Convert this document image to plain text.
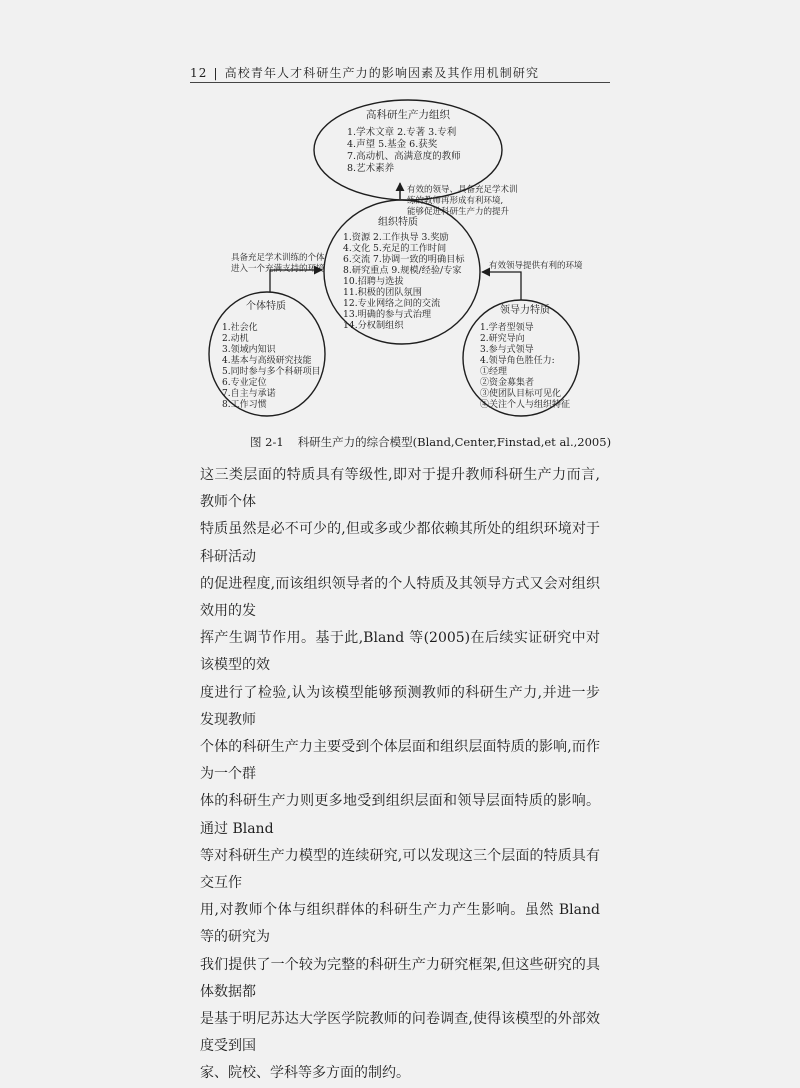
12 | 高校青年人才科研生产力的影响因素及其作用机制研究
高科研生产力组织
1.学术文章 2.专著 3.专利
4.声望 5.基金 6.获奖
7.高动机、高满意度的教师
8.艺术素养
有效的领导、具备充足学术训
练的教师再形成有利环境,
能够促进科研生产力的提升
组织特质
1.资源 2.工作执导 3.奖励
4.文化 5.充足的工作时间
6.交流 7.协调一致的明确目标
8.研究重点 9.规模/经验/专家
10.招聘与选拔
11.积极的团队氛围
12.专业网络之间的交流
13.明确的参与式治理
14.分权制组织
具备充足学术训练的个体
进入一个充满支持的环境	有效领导提供有利的环境
个体特质
1.社会化
2.动机
3.领域内知识
4.基本与高级研究技能
5.同时参与多个科研项目
6.专业定位
7.自主与承诺
8.工作习惯
领导力特质
1.学者型领导
2.研究导向
3.参与式领导
4.领导角色胜任力:
①经理
②资金募集者
③使团队目标可见化
④关注个人与组织特征
图 2-1 科研生产力的综合模型(Bland,Center,Finstad,et al.,2005)

这三类层面的特质具有等级性,即对于提升教师科研生产力而言,教师个体

特质虽然是必不可少的,但或多或少都依赖其所处的组织环境对于科研活动

的促进程度,而该组织领导者的个人特质及其领导方式又会对组织效用的发

挥产生调节作用。基于此,Bland 等(2005)在后续实证研究中对该模型的效

度进行了检验,认为该模型能够预测教师的科研生产力,并进一步发现教师

个体的科研生产力主要受到个体层面和组织层面特质的影响,而作为一个群

体的科研生产力则更多地受到组织层面和领导层面特质的影响。通过 Bland

等对科研生产力模型的连续研究,可以发现这三个层面的特质具有交互作

用,对教师个体与组织群体的科研生产力产生影响。虽然 Bland 等的研究为

我们提供了一个较为完整的科研生产力研究框架,但这些研究的具体数据都

是基于明尼苏达大学医学院教师的问卷调查,使得该模型的外部效度受到国

家、院校、学科等多方面的制约。
